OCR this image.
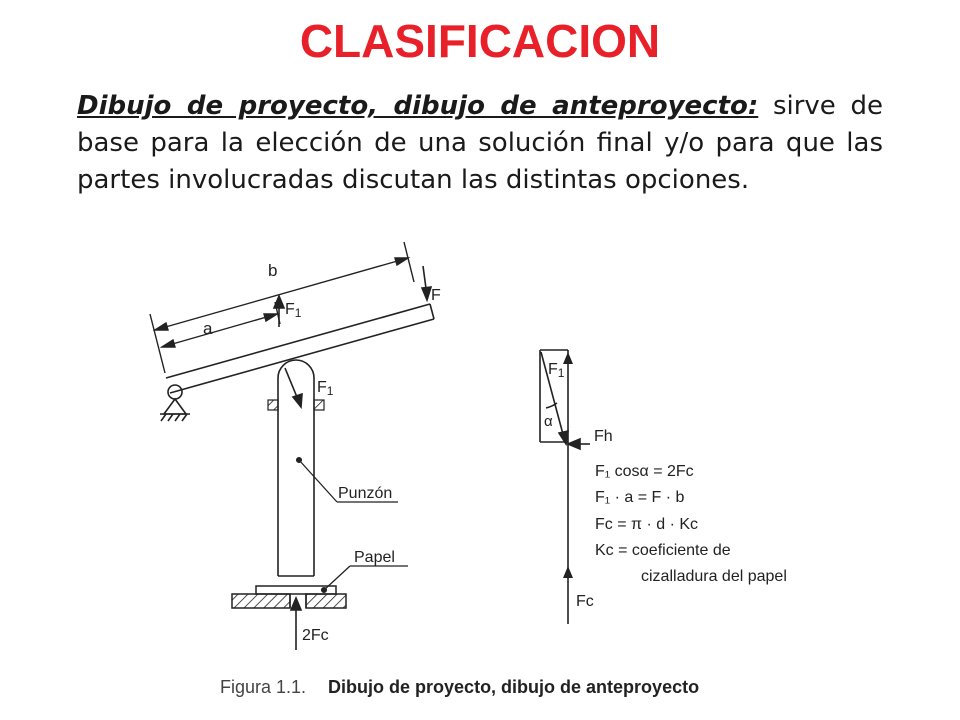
CLASIFICACION
Dibujo de proyecto, dibujo de anteproyecto: sirve de base para la elección de una solución final y/o para que las partes involucradas discutan las distintas opciones.
b
a
F
F1
F1
Punzón
Papel
2Fc
F1
α
Fh
Fc
F₁ cosα = 2Fc
F₁ · a = F · b
Fc = π · d · Kc
Kc = coeficiente de
cizalladura del papel
Figura 1.1. Dibujo de proyecto, dibujo de anteproyecto
